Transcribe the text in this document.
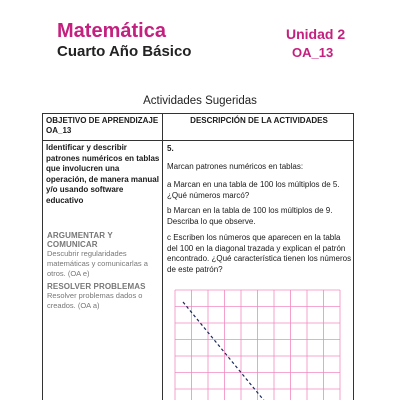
Matemática
Cuarto Año Básico
Unidad 2
OA_13
Actividades Sugeridas
OBJETIVO DE APRENDIZAJE OA_13
DESCRIPCIÓN DE LA ACTIVIDADES
Identificar y describir patrones numéricos en tablas que involucren una operación, de manera manual y/o usando software educativo
ARGUMENTAR Y COMUNICAR
Descubrir regularidades matemáticas y comunicarlas a otros. (OA e)
RESOLVER PROBLEMAS
Resolver problemas dados o creados. (OA a)
5.
Marcan patrones numéricos en tablas:
a Marcan en una tabla de 100 los múltiplos de 5. ¿Qué números marcó?
b Marcan en la tabla de 100 los múltiplos de 9. Describa lo que observe.
c Escriben los números que aparecen en la tabla del 100 en la diagonal trazada y explican el patrón encontrado. ¿Qué característica tienen los números de este patrón?
